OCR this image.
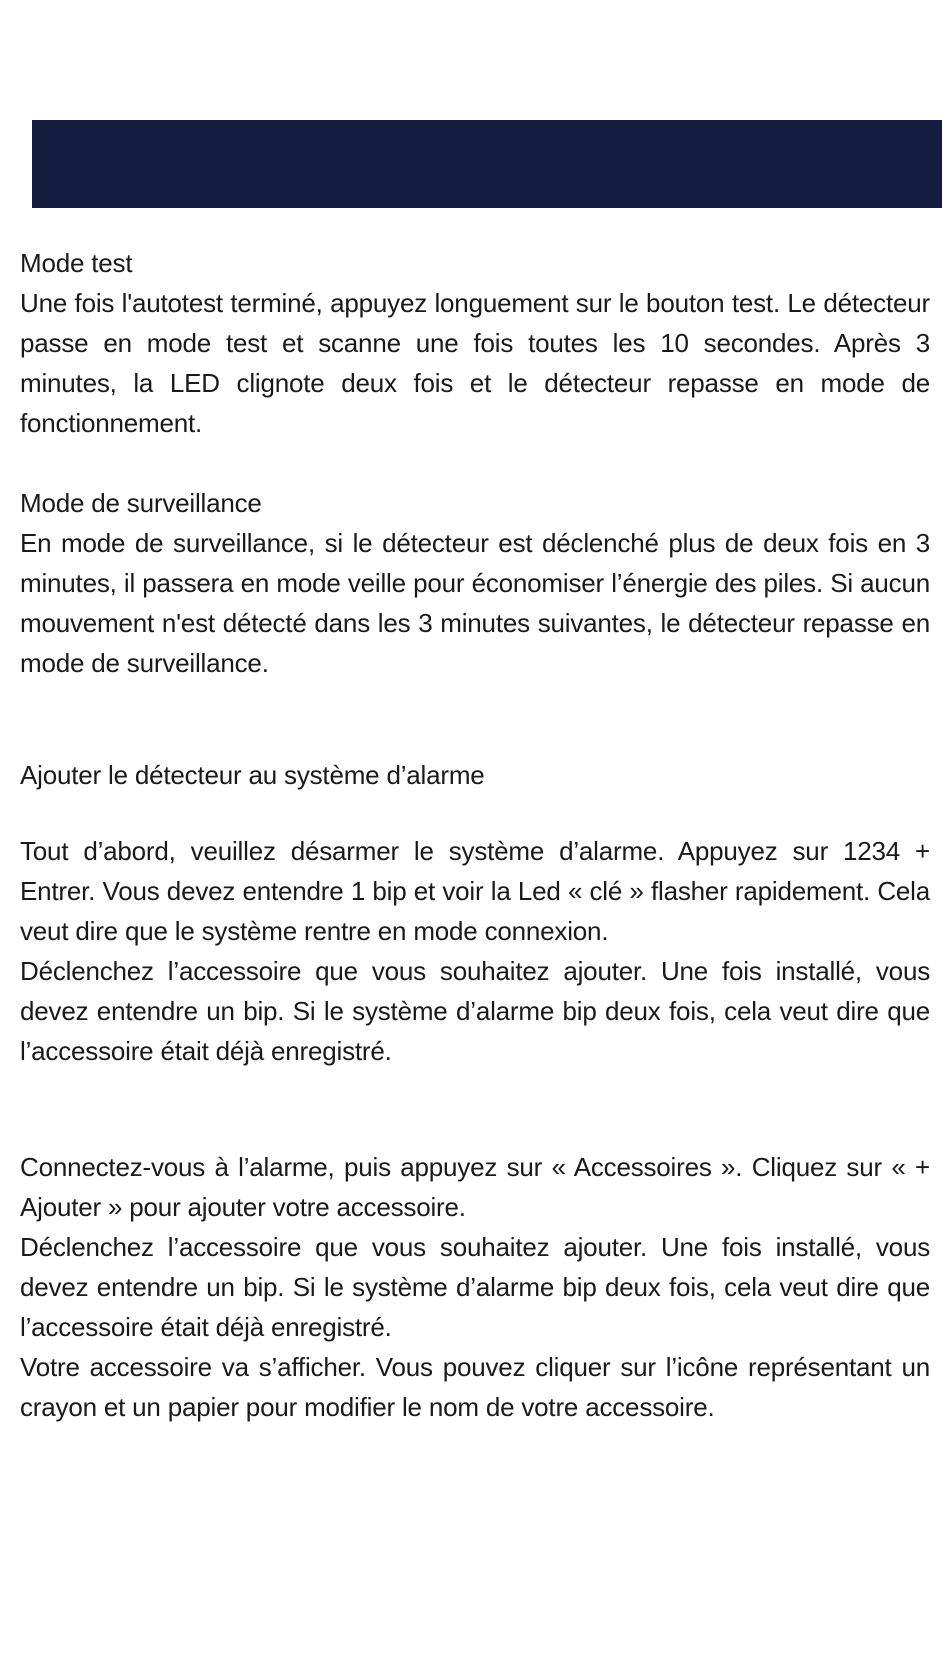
Mode test

Une fois l'autotest terminé, appuyez longuement sur le bouton test. Le détecteur passe en mode test et scanne une fois toutes les 10 secondes. Après 3 minutes, la LED clignote deux fois et le détecteur repasse en mode de fonctionnement.

Mode de surveillance

En mode de surveillance, si le détecteur est déclenché plus de deux fois en 3 minutes, il passera en mode veille pour économiser l’énergie des piles. Si aucun mouvement n'est détecté dans les 3 minutes suivantes, le détecteur repasse en mode de surveillance.

Ajouter le détecteur au système d’alarme

Tout d’abord, veuillez désarmer le système d’alarme. Appuyez sur 1234 + Entrer. Vous devez entendre 1 bip et voir la Led « clé » flasher rapidement. Cela veut dire que le système rentre en mode connexion.

Déclenchez l’accessoire que vous souhaitez ajouter. Une fois installé, vous devez entendre un bip. Si le système d’alarme bip deux fois, cela veut dire que l’accessoire était déjà enregistré.

Connectez-vous à l’alarme, puis appuyez sur « Accessoires ». Cliquez sur « + Ajouter » pour ajouter votre accessoire.

Déclenchez l’accessoire que vous souhaitez ajouter. Une fois installé, vous devez entendre un bip. Si le système d’alarme bip deux fois, cela veut dire que l’accessoire était déjà enregistré.

Votre accessoire va s’afficher. Vous pouvez cliquer sur l’icône représentant un crayon et un papier pour modifier le nom de votre accessoire.
